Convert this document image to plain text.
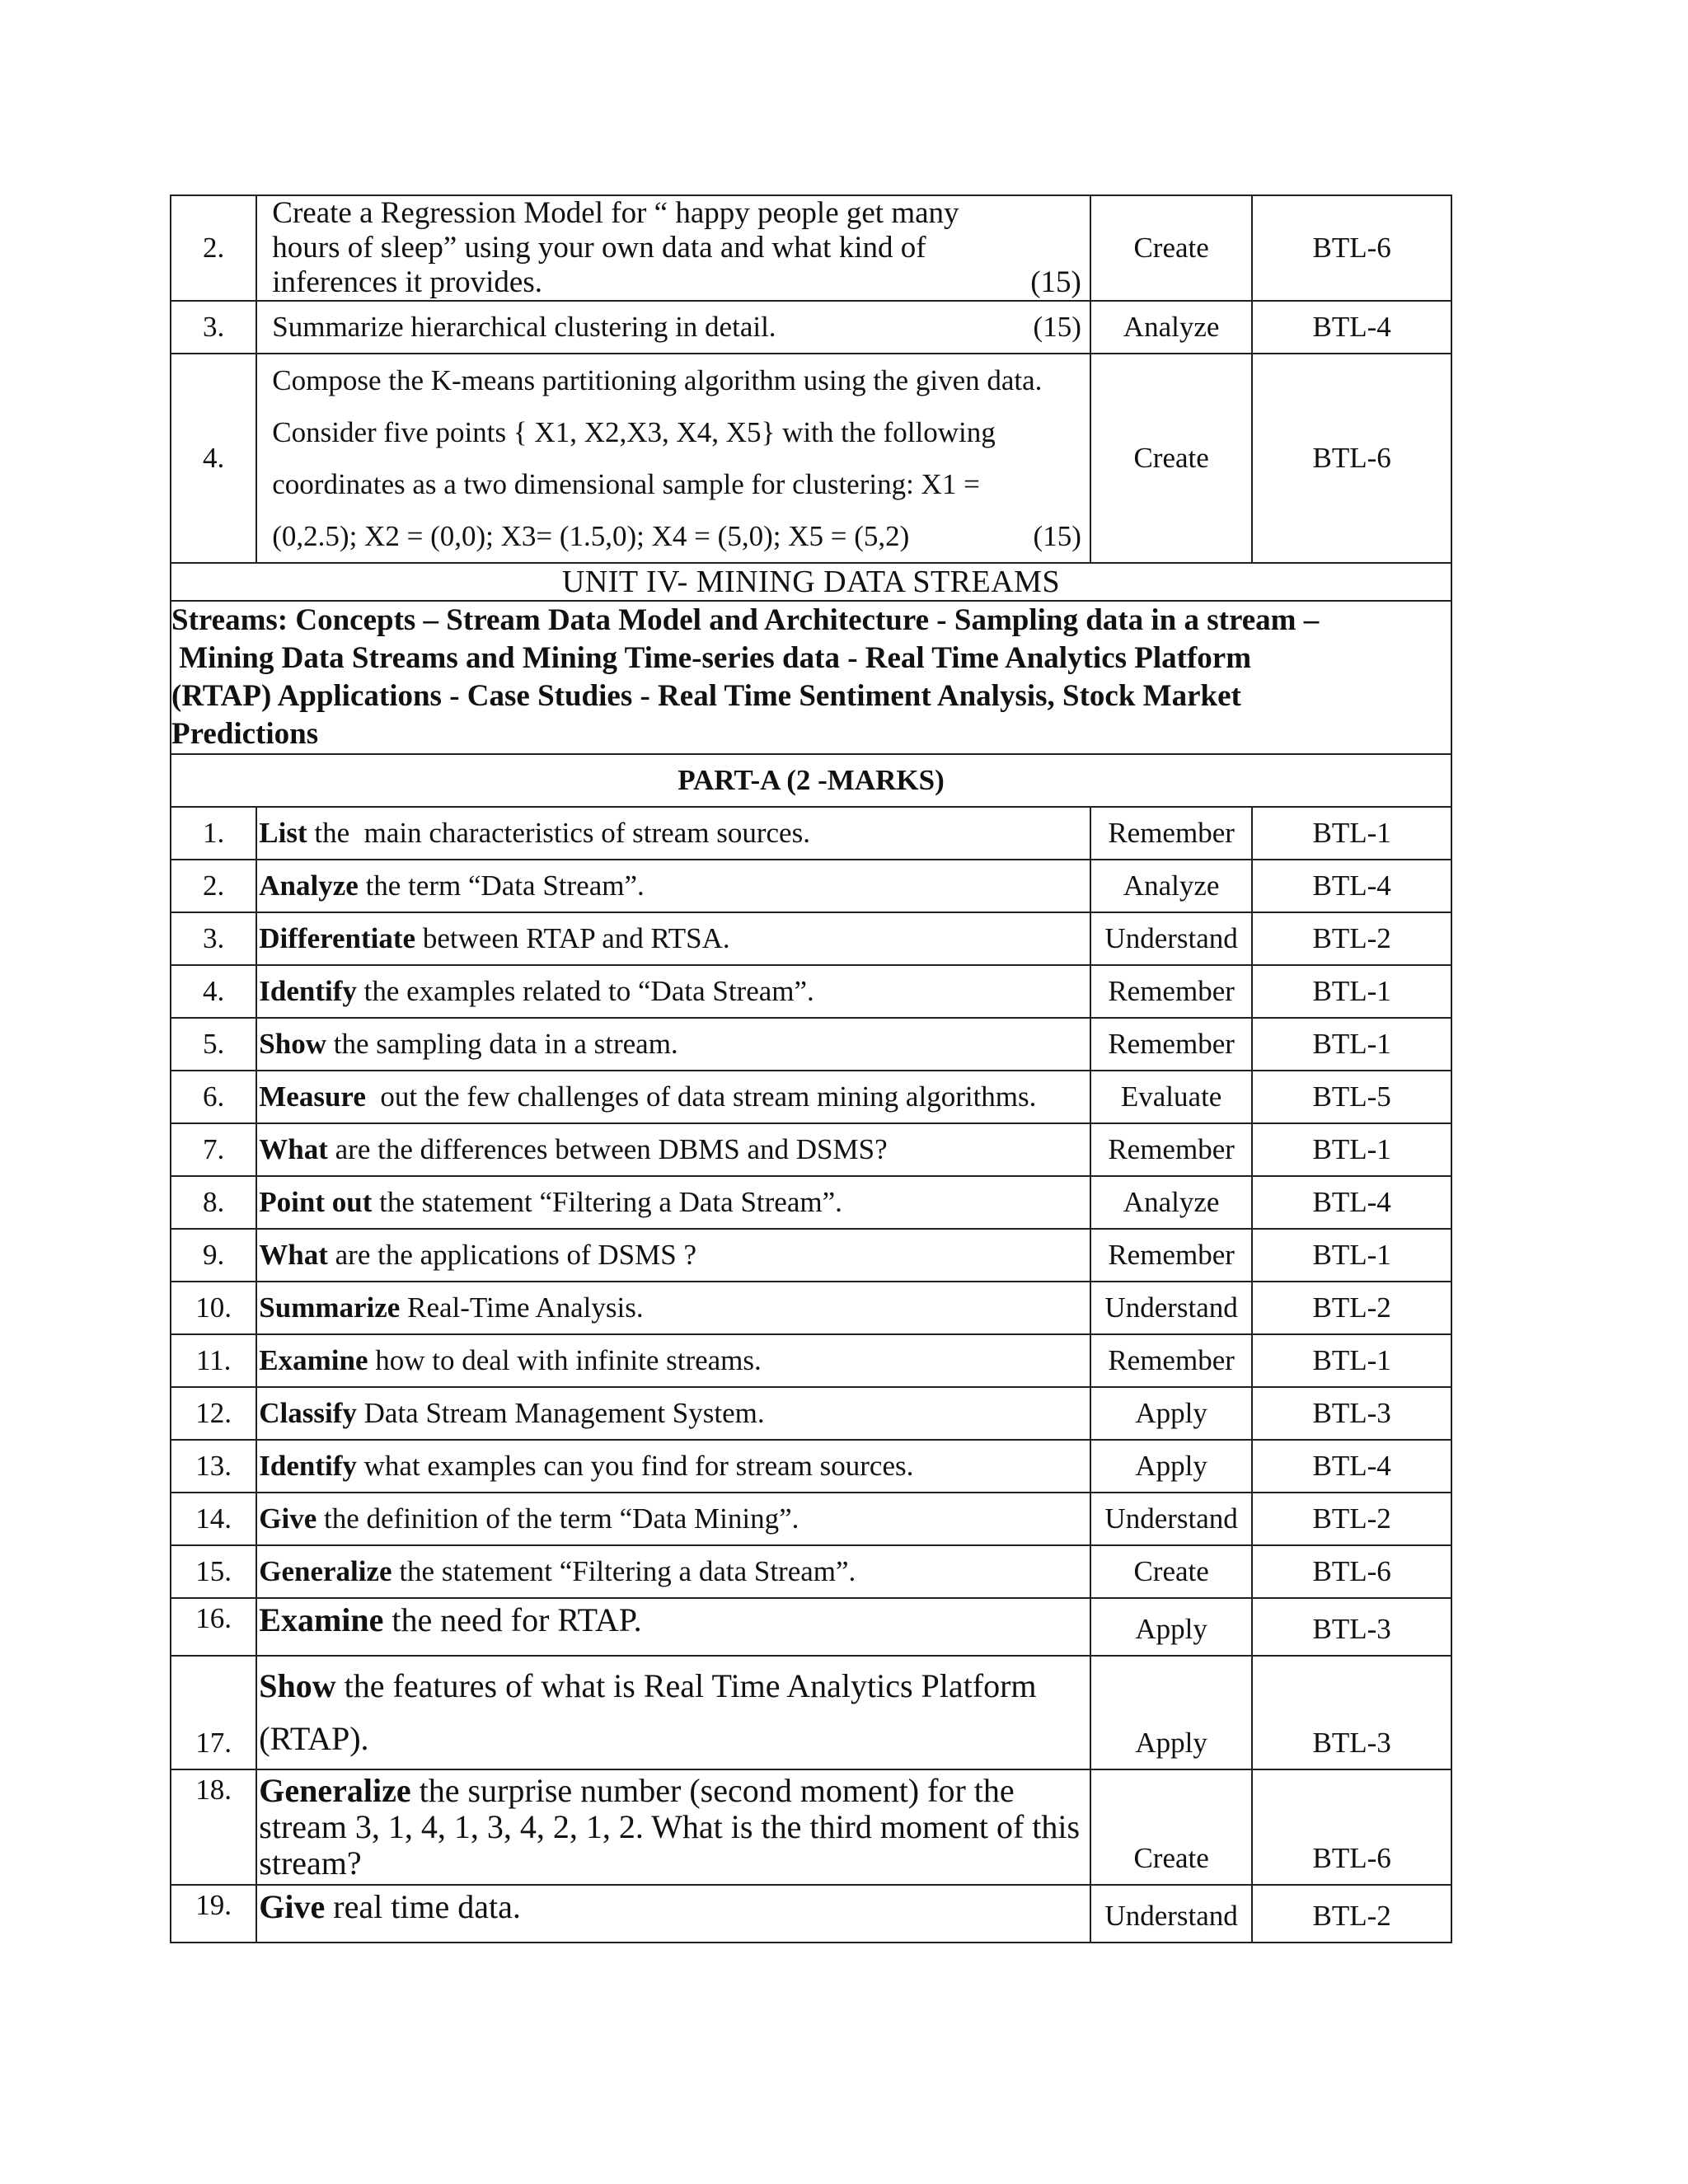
2.	Create a Regression Model for “ happy people get many
hours of sleep” using your own data and what kind of
inferences it provides. (15)	Create	BTL-6
3.	Summarize hierarchical clustering in detail. (15)	Analyze	BTL-4
4.	Compose the K-means partitioning algorithm using the given data.
Consider five points { X1, X2,X3, X4, X5} with the following
coordinates as a two dimensional sample for clustering: X1 =
(0,2.5); X2 = (0,0); X3= (1.5,0); X4 = (5,0); X5 = (5,2) (15)	Create	BTL-6
UNIT IV- MINING DATA STREAMS			

Streams: Concepts – Stream Data Model and Architecture - Sampling data in a stream –
Mining Data Streams and Mining Time-series data - Real Time Analytics Platform
(RTAP) Applications - Case Studies - Real Time Sentiment Analysis, Stock Market
Predictions			

PART-A (2 -MARKS)			
1.	List the  main characteristics of stream sources.	Remember	BTL-1
2.	Analyze the term “Data Stream”.	Analyze	BTL-4
3.	Differentiate between RTAP and RTSA.	Understand	BTL-2
4.	Identify the examples related to “Data Stream”.	Remember	BTL-1
5.	Show the sampling data in a stream.	Remember	BTL-1
6.	Measure  out the few challenges of data stream mining algorithms.	Evaluate	BTL-5
7.	What are the differences between DBMS and DSMS?	Remember	BTL-1
8.	Point out the statement “Filtering a Data Stream”.	Analyze	BTL-4
9.	What are the applications of DSMS ?	Remember	BTL-1
10.	Summarize Real-Time Analysis.	Understand	BTL-2
11.	Examine how to deal with infinite streams.	Remember	BTL-1
12.	Classify Data Stream Management System.	Apply	BTL-3
13.	Identify what examples can you find for stream sources.	Apply	BTL-4
14.	Give the definition of the term “Data Mining”.	Understand	BTL-2
15.	Generalize the statement “Filtering a data Stream”.	Create	BTL-6
16.	Examine the need for RTAP.	Apply	BTL-3
17.	Show the features of what is Real Time Analytics Platform
(RTAP).	Apply	BTL-3
18.	Generalize the surprise number (second moment) for the
stream 3, 1, 4, 1, 3, 4, 2, 1, 2. What is the third moment of this
stream?	Create	BTL-6
19.	Give real time data.	Understand	BTL-2
